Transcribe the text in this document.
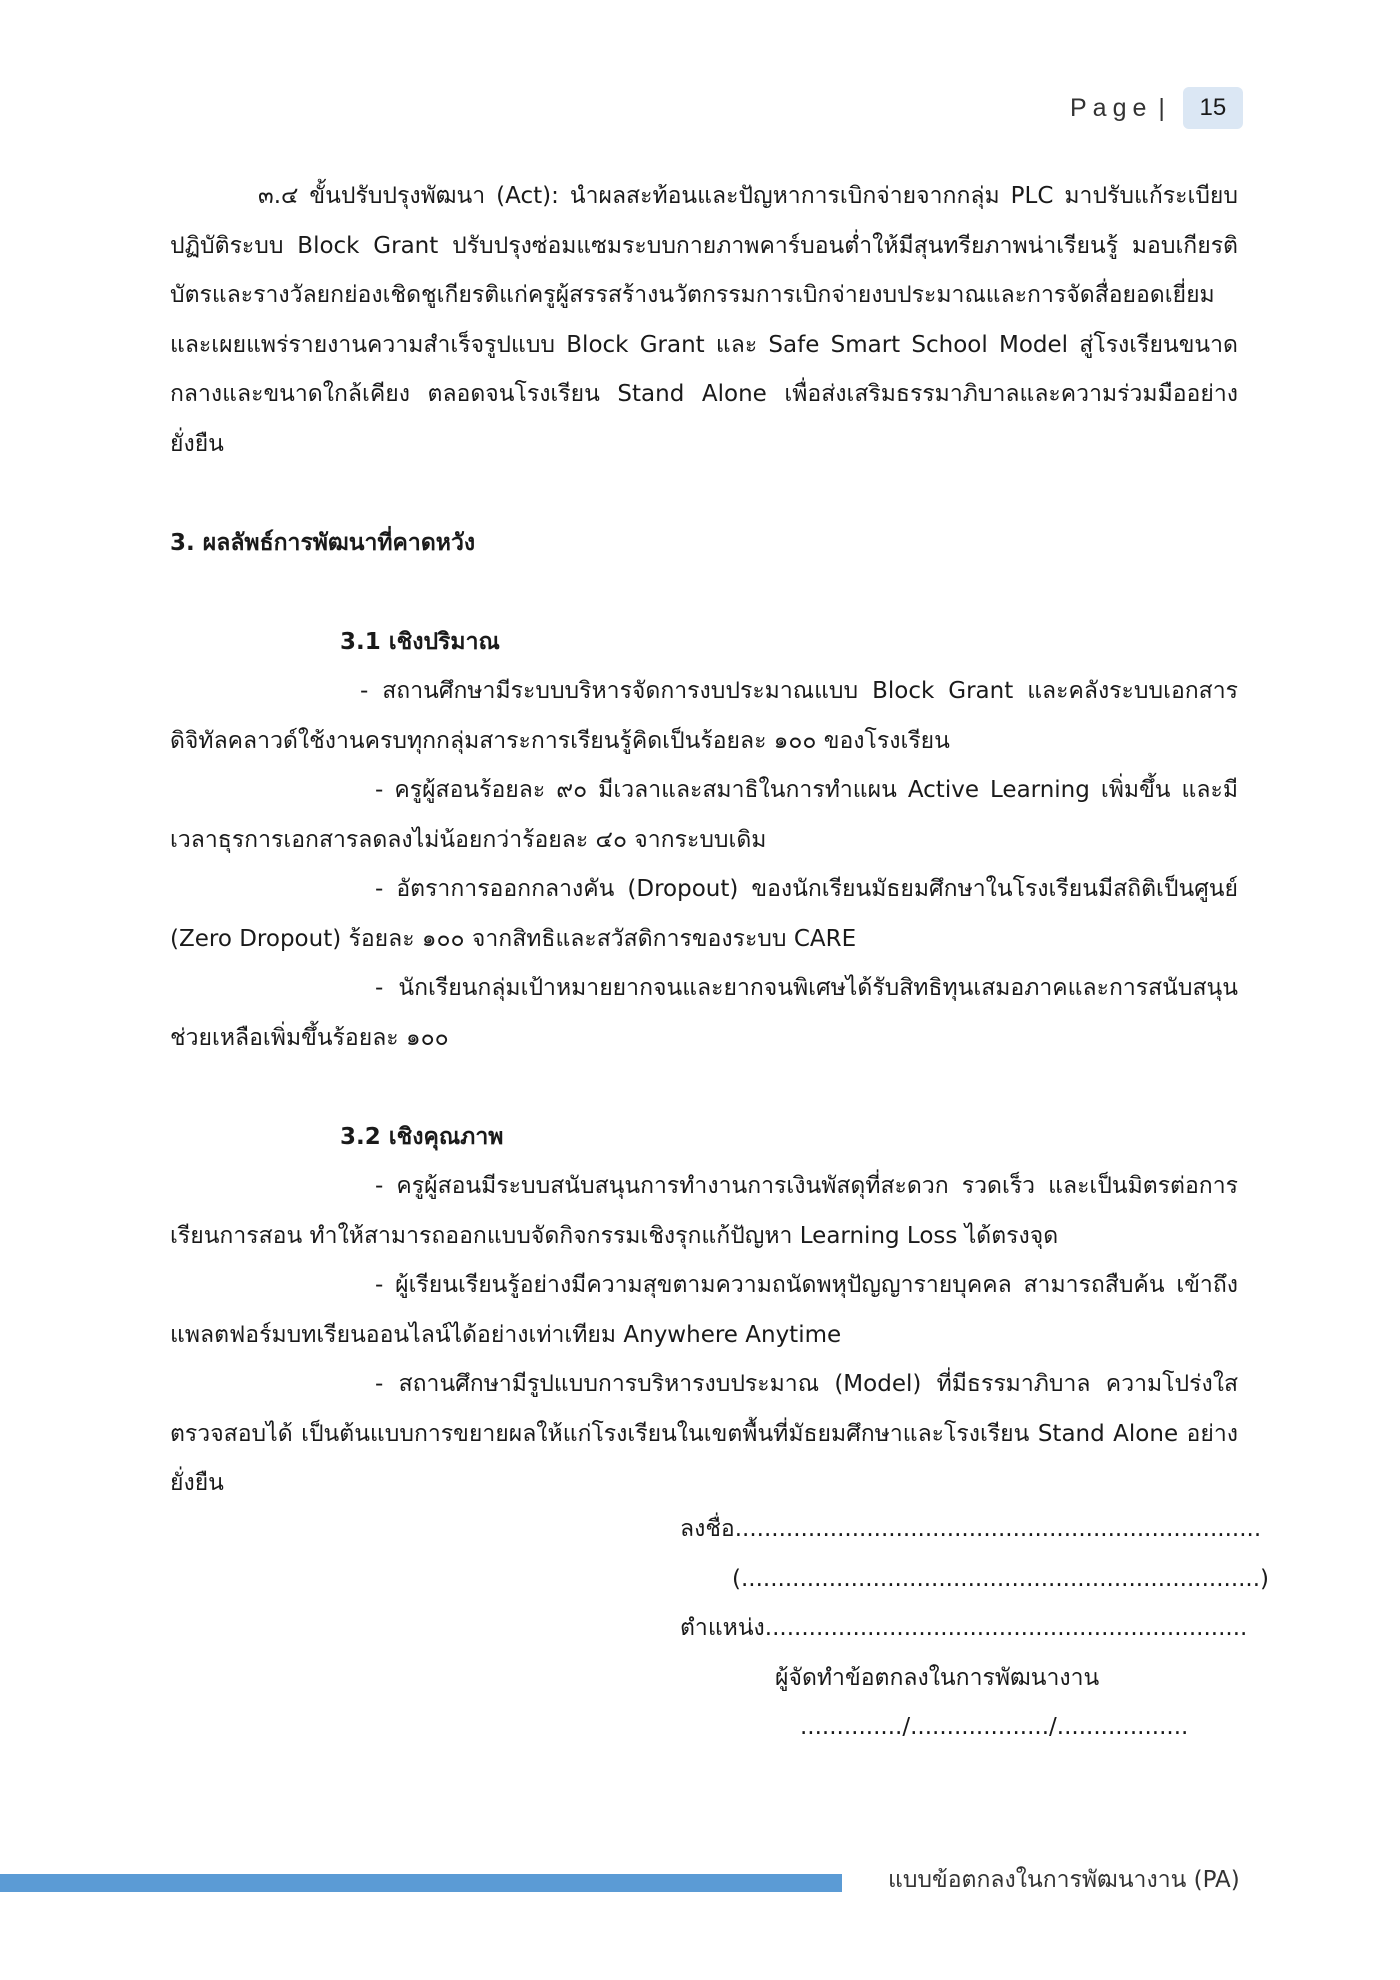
Page |	15

๓.๔ ขั้นปรับปรุงพัฒนา (Act): นำผลสะท้อนและปัญหาการเบิกจ่ายจากกลุ่ม PLC มาปรับแก้ระเบียบปฏิบัติระบบ Block Grant ปรับปรุงซ่อมแซมระบบกายภาพคาร์บอนต่ำให้มีสุนทรียภาพน่าเรียนรู้ มอบเกียรติบัตรและรางวัลยกย่องเชิดชูเกียรติแก่ครูผู้สรรสร้างนวัตกรรมการเบิกจ่ายงบประมาณและการจัดสื่อยอดเยี่ยม และเผยแพร่รายงานความสำเร็จรูปแบบ Block Grant และ Safe Smart School Model สู่โรงเรียนขนาดกลางและขนาดใกล้เคียง ตลอดจนโรงเรียน Stand Alone เพื่อส่งเสริมธรรมาภิบาลและความร่วมมืออย่างยั่งยืน

3. ผลลัพธ์การพัฒนาที่คาดหวัง

3.1 เชิงปริมาณ

- สถานศึกษามีระบบบริหารจัดการงบประมาณแบบ Block Grant และคลังระบบเอกสารดิจิทัลคลาวด์ใช้งานครบทุกกลุ่มสาระการเรียนรู้คิดเป็นร้อยละ ๑๐๐ ของโรงเรียน

- ครูผู้สอนร้อยละ ๙๐ มีเวลาและสมาธิในการทำแผน Active Learning เพิ่มขึ้น และมีเวลาธุรการเอกสารลดลงไม่น้อยกว่าร้อยละ ๔๐ จากระบบเดิม

- อัตราการออกกลางคัน (Dropout) ของนักเรียนมัธยมศึกษาในโรงเรียนมีสถิติเป็นศูนย์ (Zero Dropout) ร้อยละ ๑๐๐ จากสิทธิและสวัสดิการของระบบ CARE

- นักเรียนกลุ่มเป้าหมายยากจนและยากจนพิเศษได้รับสิทธิทุนเสมอภาคและการสนับสนุนช่วยเหลือเพิ่มขึ้นร้อยละ ๑๐๐

3.2 เชิงคุณภาพ

- ครูผู้สอนมีระบบสนับสนุนการทำงานการเงินพัสดุที่สะดวก รวดเร็ว และเป็นมิตรต่อการเรียนการสอน ทำให้สามารถออกแบบจัดกิจกรรมเชิงรุกแก้ปัญหา Learning Loss ได้ตรงจุด

- ผู้เรียนเรียนรู้อย่างมีความสุขตามความถนัดพหุปัญญารายบุคคล สามารถสืบค้น เข้าถึงแพลตฟอร์มบทเรียนออนไลน์ได้อย่างเท่าเทียม Anywhere Anytime

- สถานศึกษามีรูปแบบการบริหารงบประมาณ (Model) ที่มีธรรมาภิบาล ความโปร่งใส ตรวจสอบได้ เป็นต้นแบบการขยายผลให้แก่โรงเรียนในเขตพื้นที่มัธยมศึกษาและโรงเรียน Stand Alone อย่างยั่งยืน

ลงชื่อ........................................................................

(.......................................................................)

ตำแหน่ง..................................................................

ผู้จัดทำข้อตกลงในการพัฒนางาน

............../.................../..................

แบบข้อตกลงในการพัฒนางาน (PA)
